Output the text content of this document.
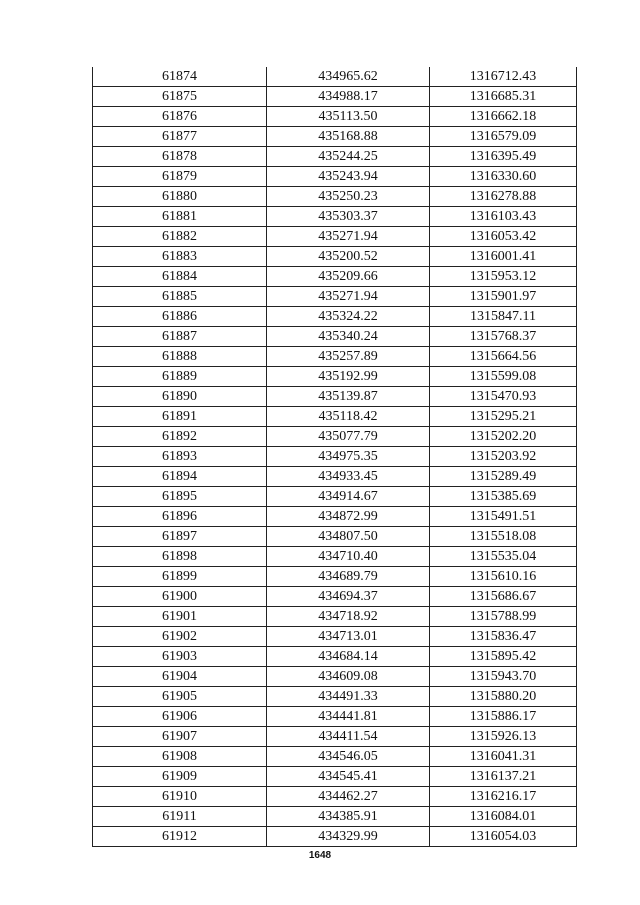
61874	434965.62	1316712.43
61875	434988.17	1316685.31
61876	435113.50	1316662.18
61877	435168.88	1316579.09
61878	435244.25	1316395.49
61879	435243.94	1316330.60
61880	435250.23	1316278.88
61881	435303.37	1316103.43
61882	435271.94	1316053.42
61883	435200.52	1316001.41
61884	435209.66	1315953.12
61885	435271.94	1315901.97
61886	435324.22	1315847.11
61887	435340.24	1315768.37
61888	435257.89	1315664.56
61889	435192.99	1315599.08
61890	435139.87	1315470.93
61891	435118.42	1315295.21
61892	435077.79	1315202.20
61893	434975.35	1315203.92
61894	434933.45	1315289.49
61895	434914.67	1315385.69
61896	434872.99	1315491.51
61897	434807.50	1315518.08
61898	434710.40	1315535.04
61899	434689.79	1315610.16
61900	434694.37	1315686.67
61901	434718.92	1315788.99
61902	434713.01	1315836.47
61903	434684.14	1315895.42
61904	434609.08	1315943.70
61905	434491.33	1315880.20
61906	434441.81	1315886.17
61907	434411.54	1315926.13
61908	434546.05	1316041.31
61909	434545.41	1316137.21
61910	434462.27	1316216.17
61911	434385.91	1316084.01
61912	434329.99	1316054.03
1648
